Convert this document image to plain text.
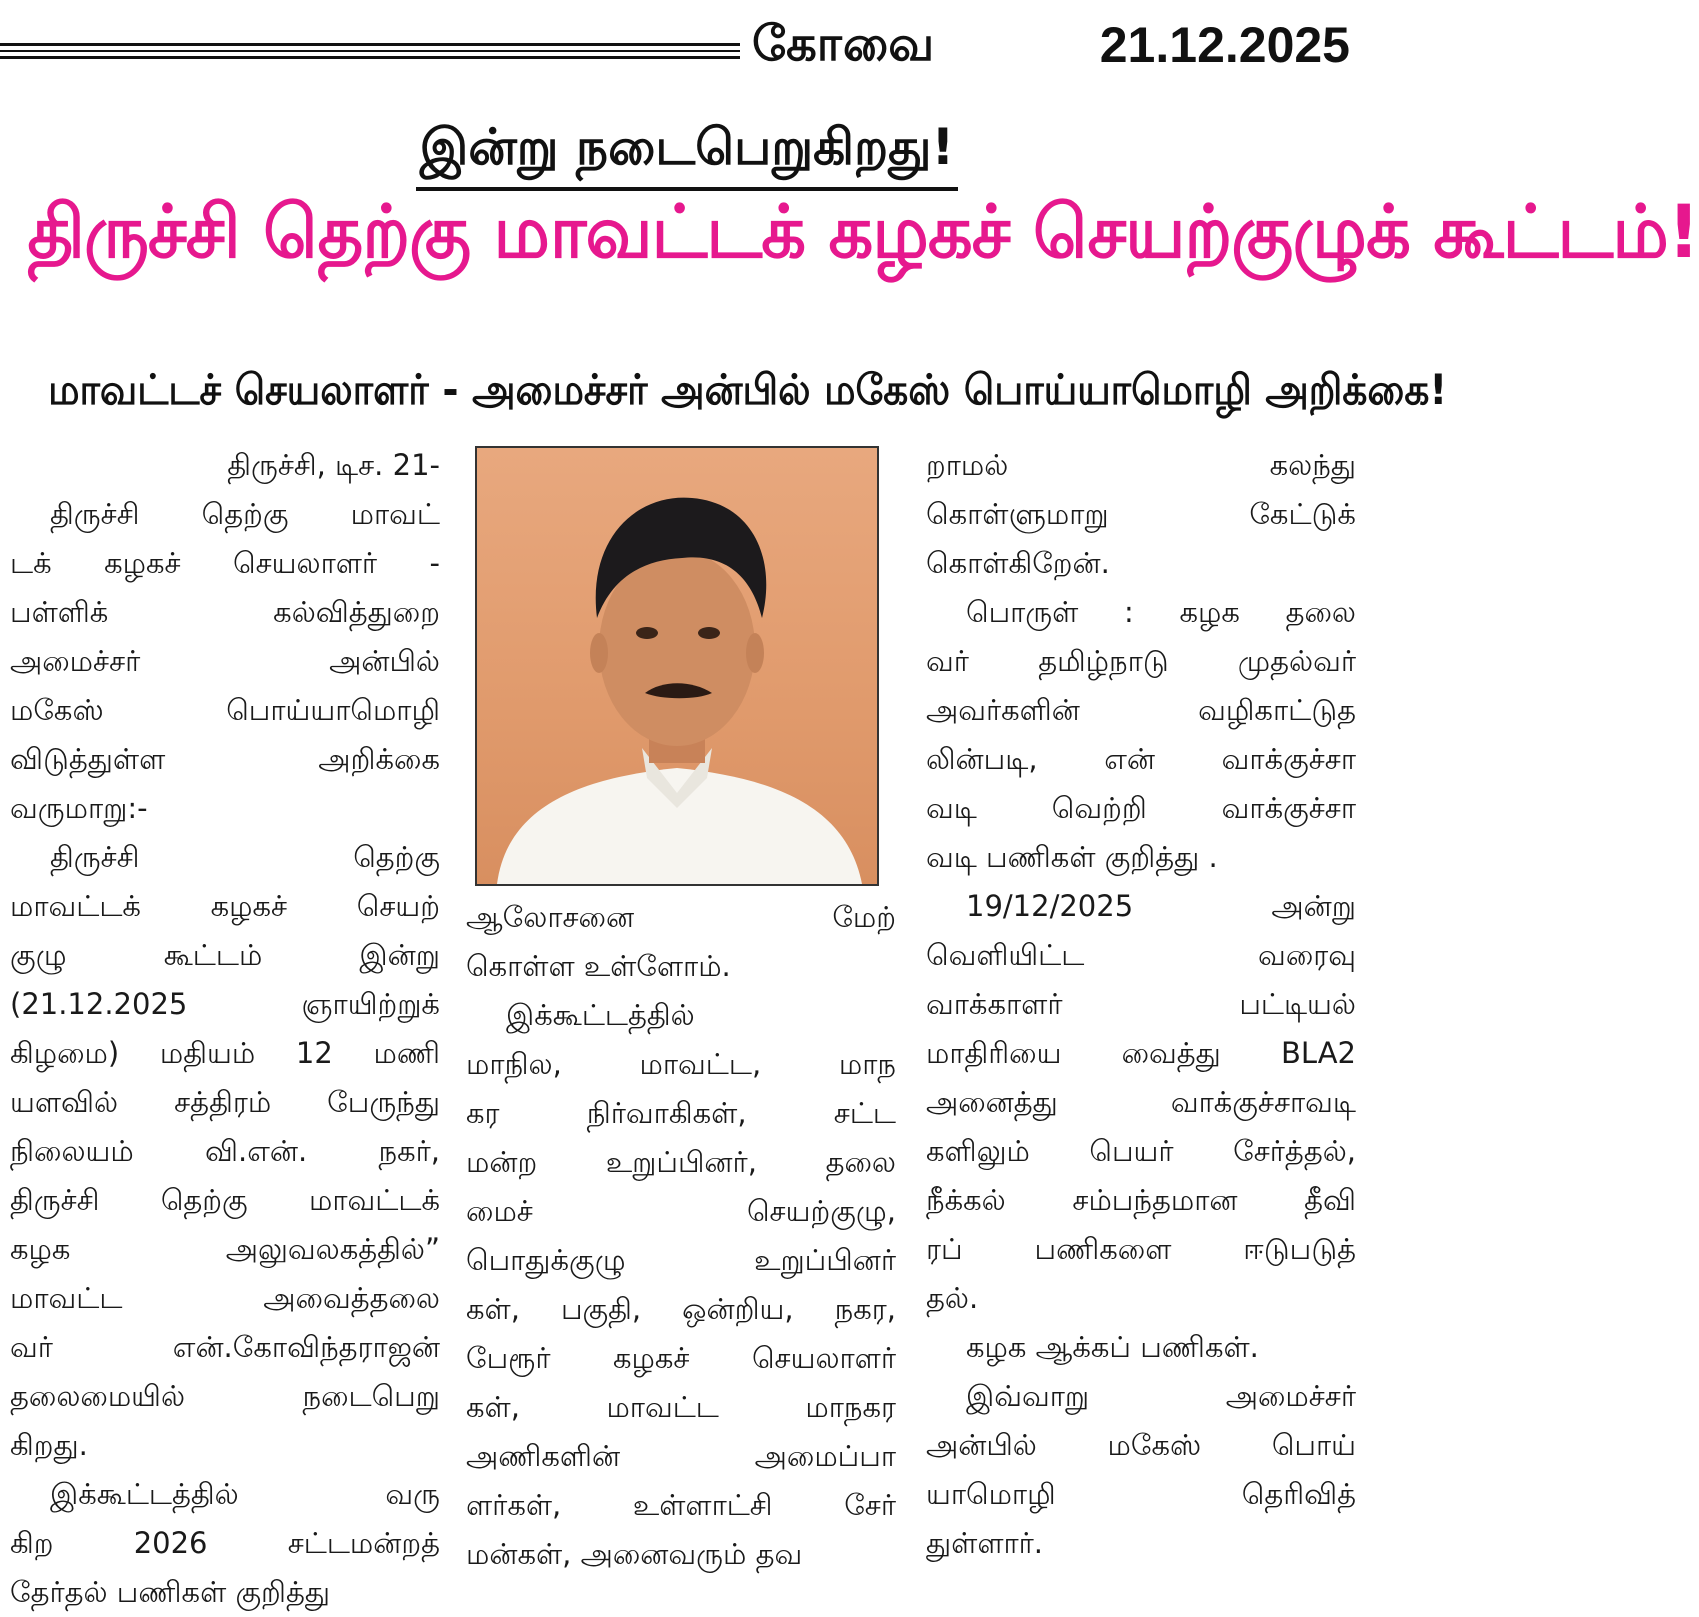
கோவை	21.12.2025
இன்று நடைபெறுகிறது!
திருச்சி தெற்கு மாவட்டக் கழகச் செயற்குழுக் கூட்டம்!
மாவட்டச் செயலாளர் - அமைச்சர் அன்பில் மகேஸ் பொய்யாமொழி அறிக்கை!
திருச்சி, டிச. 21-
திருச்சி தெற்கு மாவட்
டக் கழகச் செயலாளர் -
பள்ளிக் கல்வித்துறை
அமைச்சர் அன்பில்
மகேஸ் பொய்யாமொழி
விடுத்துள்ள அறிக்கை
வருமாறு:-
திருச்சி தெற்கு
மாவட்டக் கழகச் செயற்
குழு கூட்டம் இன்று
(21.12.2025 ஞாயிற்றுக்
கிழமை) மதியம் 12 மணி
யளவில் சத்திரம் பேருந்து
நிலையம் வி.என். நகர்,
திருச்சி தெற்கு மாவட்டக்
கழக அலுவலகத்தில்”
மாவட்ட அவைத்தலை
வர் என்.கோவிந்தராஜன்
தலைமையில் நடைபெறு
கிறது.
இக்கூட்டத்தில் வரு
கிற 2026 சட்டமன்றத்
தேர்தல் பணிகள் குறித்து
ஆலோசனை மேற்
கொள்ள உள்ளோம்.
இக்கூட்டத்தில்
மாநில, மாவட்ட, மாந
கர நிர்வாகிகள், சட்ட
மன்ற உறுப்பினர், தலை
மைச் செயற்குழு,
பொதுக்குழு உறுப்பினர்
கள், பகுதி, ஒன்றிய, நகர,
பேரூர் கழகச் செயலாளர்
கள், மாவட்ட மாநகர
அணிகளின் அமைப்பா
ளர்கள், உள்ளாட்சி சேர்
மன்கள், அனைவரும் தவ
றாமல் கலந்து
கொள்ளுமாறு கேட்டுக்
கொள்கிறேன்.
பொருள் : கழக தலை
வர் தமிழ்நாடு முதல்வர்
அவர்களின் வழிகாட்டுத
லின்படி, என் வாக்குச்சா
வடி வெற்றி வாக்குச்சா
வடி பணிகள் குறித்து .
19/12/2025 அன்று
வெளியிட்ட வரைவு
வாக்காளர் பட்டியல்
மாதிரியை வைத்து BLA2
அனைத்து வாக்குச்சாவடி
களிலும் பெயர் சேர்த்தல்,
நீக்கல் சம்பந்தமான தீவி
ரப் பணிகளை ஈடுபடுத்
தல்.
கழக ஆக்கப் பணிகள்.
இவ்வாறு அமைச்சர்
அன்பில் மகேஸ் பொய்
யாமொழி தெரிவித்
துள்ளார்.
